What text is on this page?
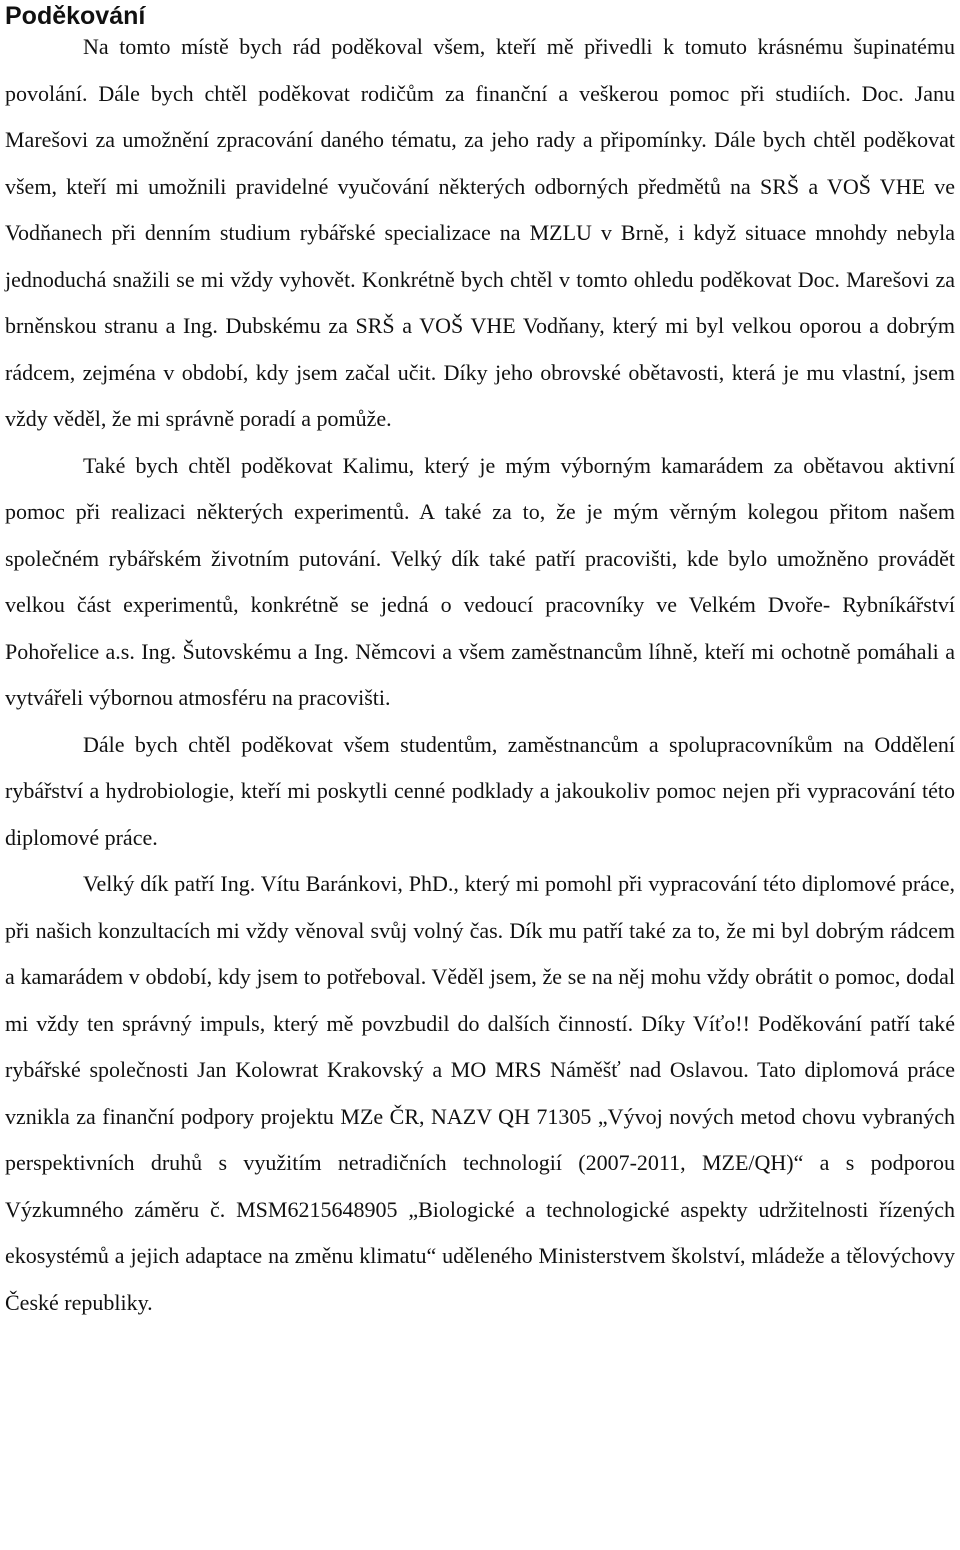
Poděkování

Na tomto místě bych rád poděkoval všem, kteří mě přivedli k tomuto krásnému šupinatému povolání. Dále bych chtěl poděkovat rodičům za finanční a veškerou pomoc při studiích. Doc. Janu Marešovi za umožnění zpracování daného tématu, za jeho rady a připomínky. Dále bych chtěl poděkovat všem, kteří mi umožnili pravidelné vyučování některých odborných předmětů na SRŠ a VOŠ VHE ve Vodňanech při denním studium rybářské specializace na MZLU v Brně, i když situace mnohdy nebyla jednoduchá snažili se mi vždy vyhovět. Konkrétně bych chtěl v tomto ohledu poděkovat Doc. Marešovi za brněnskou stranu a Ing. Dubskému za SRŠ a VOŠ VHE Vodňany, který mi byl velkou oporou a dobrým rádcem, zejména v období, kdy jsem začal učit. Díky jeho obrovské obětavosti, která je mu vlastní, jsem vždy věděl, že mi správně poradí a pomůže.

Také bych chtěl poděkovat Kalimu, který je mým výborným kamarádem za obětavou aktivní pomoc při realizaci některých experimentů. A také za to, že je mým věrným kolegou přitom našem společném rybářském životním putování. Velký dík také patří pracovišti, kde bylo umožněno provádět velkou část experimentů, konkrétně se jedná o vedoucí pracovníky ve Velkém Dvoře- Rybníkářství Pohořelice a.s. Ing. Šutovskému a Ing. Němcovi a všem zaměstnancům líhně, kteří mi ochotně pomáhali a vytvářeli výbornou atmosféru na pracovišti.

Dále bych chtěl poděkovat všem studentům, zaměstnancům a spolupracovníkům na Oddělení rybářství a hydrobiologie, kteří mi poskytli cenné podklady a jakoukoliv pomoc nejen při vypracování této diplomové práce.

Velký dík patří Ing. Vítu Baránkovi, PhD., který mi pomohl při vypracování této diplomové práce, při našich konzultacích mi vždy věnoval svůj volný čas. Dík mu patří také za to, že mi byl dobrým rádcem a kamarádem v období, kdy jsem to potřeboval. Věděl jsem, že se na něj mohu vždy obrátit o pomoc, dodal mi vždy ten správný impuls, který mě povzbudil do dalších činností. Díky Víťo!! Poděkování patří také rybářské společnosti Jan Kolowrat Krakovský a MO MRS Náměšť nad Oslavou. Tato diplomová práce vznikla za finanční podpory projektu MZe ČR, NAZV QH 71305 „Vývoj nových metod chovu vybraných perspektivních druhů s využitím netradičních technologií (2007-2011, MZE/QH)“ a s podporou Výzkumného záměru č. MSM6215648905 „Biologické a technologické aspekty udržitelnosti řízených ekosystémů a jejich adaptace na změnu klimatu“ uděleného Ministerstvem školství, mládeže a tělovýchovy České republiky.
